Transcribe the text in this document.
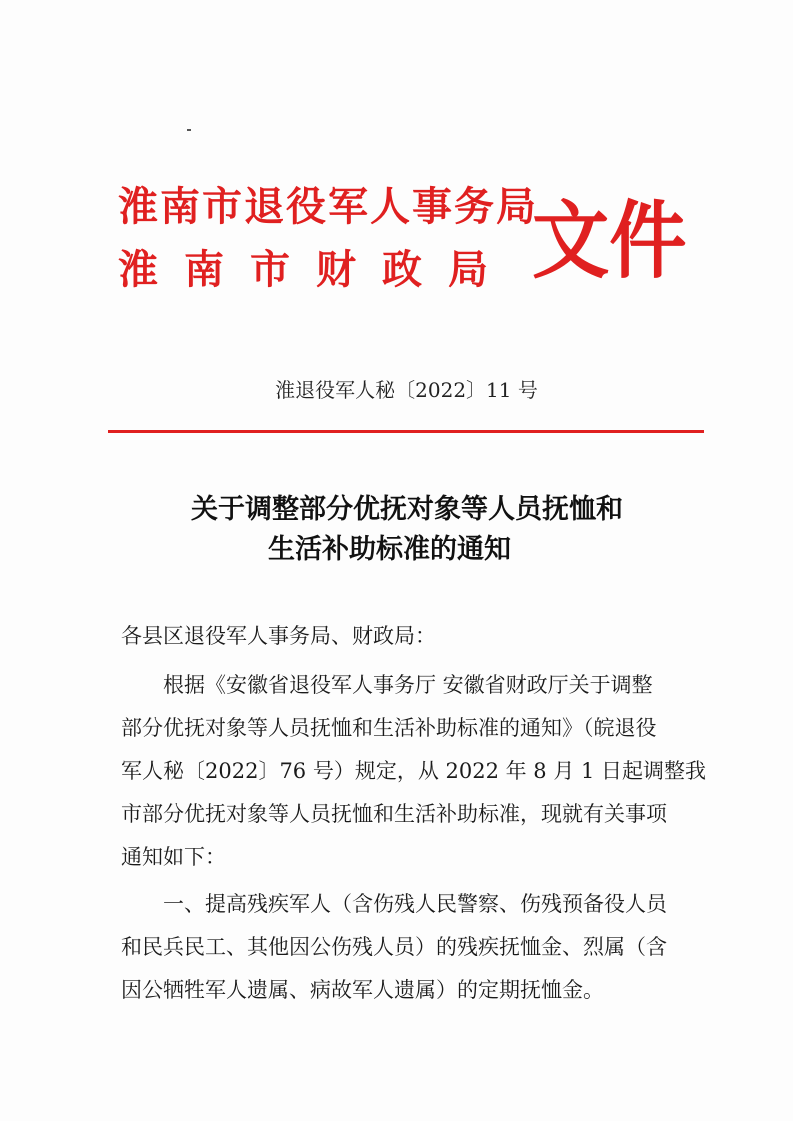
淮南市退役军人事务局
淮南市财政局 文件
淮退役军人秘〔2022〕11 号
关于调整部分优抚对象等人员抚恤和
生活补助标准的通知
各县区退役军人事务局、财政局：
根据《安徽省退役军人事务厅 安徽省财政厅关于调整
部分优抚对象等人员抚恤和生活补助标准的通知》（皖退役
军人秘〔2022〕76 号）规定，从 2022 年 8 月 1 日起调整我
市部分优抚对象等人员抚恤和生活补助标准，现就有关事项
通知如下：
一、提高残疾军人（含伤残人民警察、伤残预备役人员
和民兵民工、其他因公伤残人员）的残疾抚恤金、烈属（含
因公牺牲军人遗属、病故军人遗属）的定期抚恤金。
